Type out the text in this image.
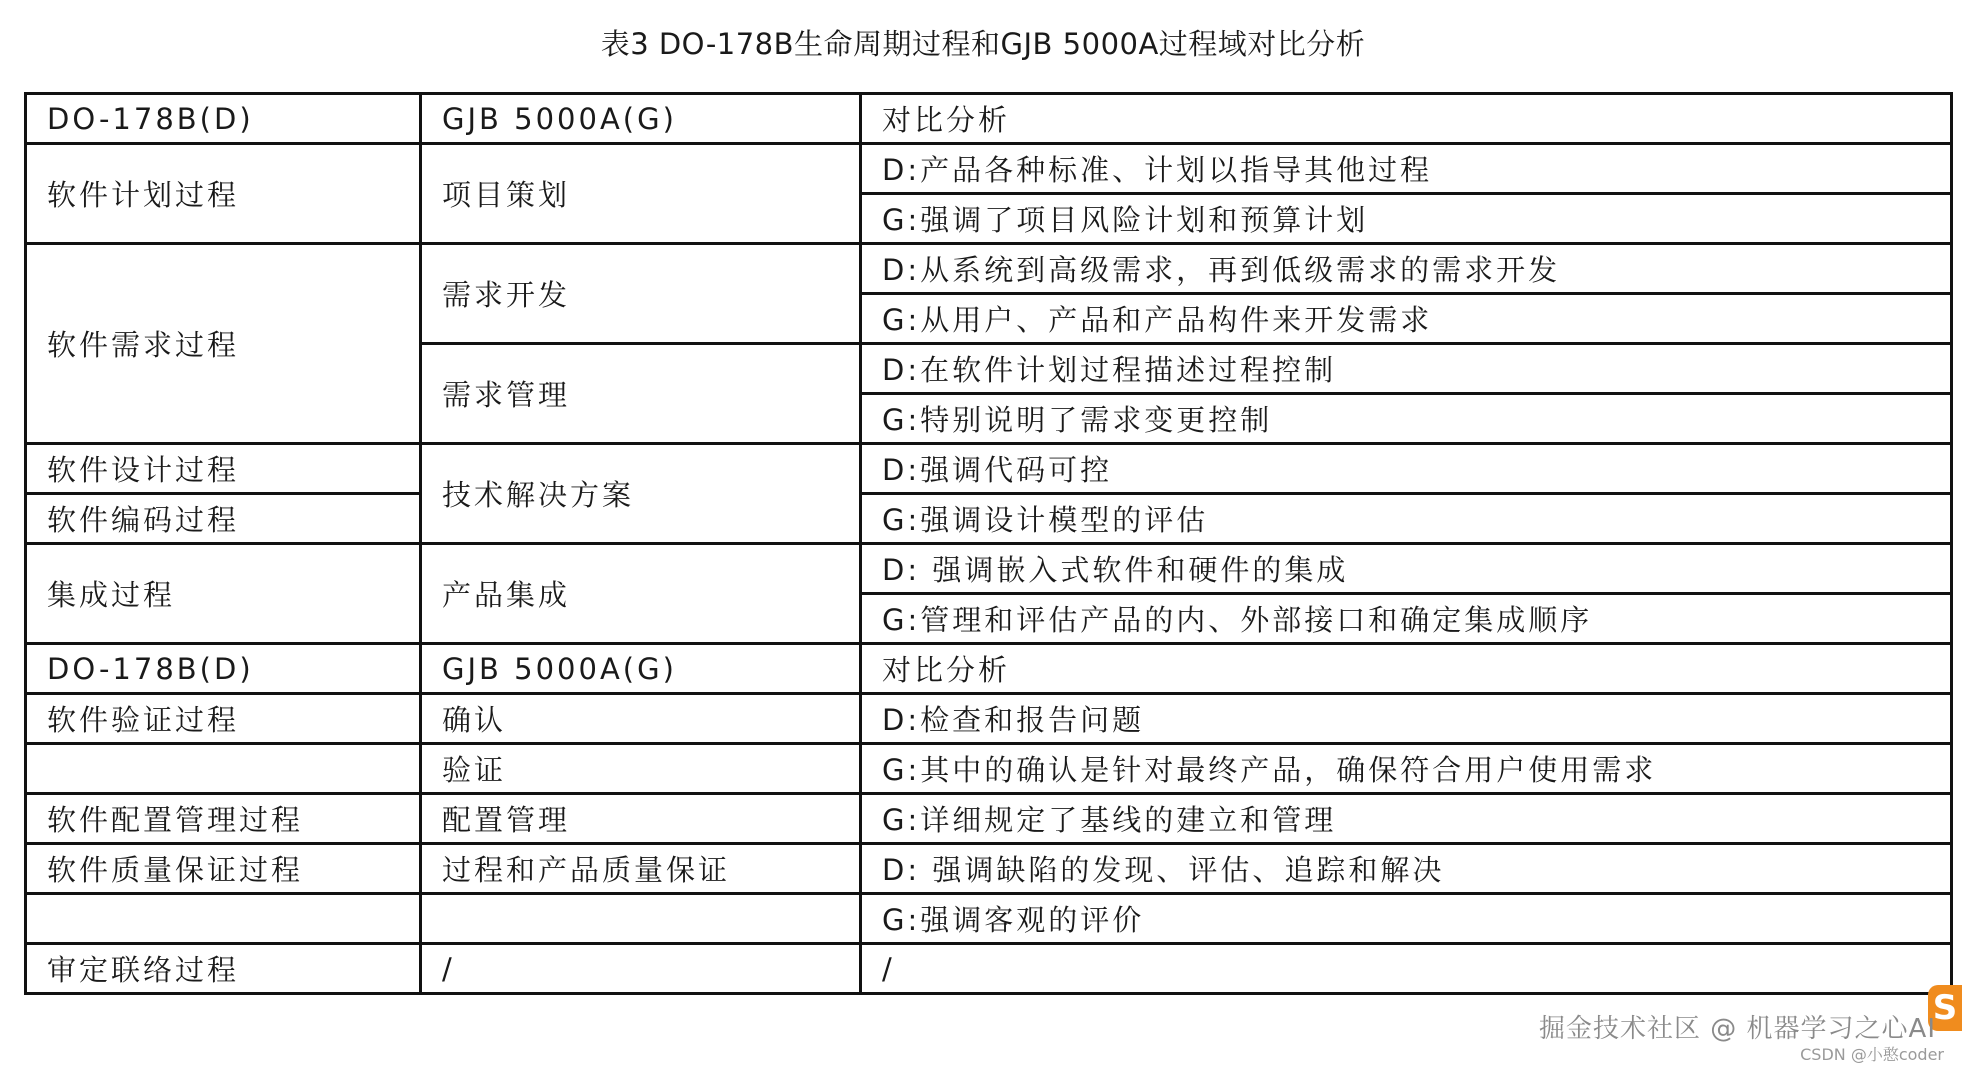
表3 DO-178B生命周期过程和GJB 5000A过程域对比分析
DO-178B(D)	GJB 5000A(G)	对比分析
软件计划过程	项目策划	D:产品各种标准、计划以指导其他过程
		G:强调了项目风险计划和预算计划
软件需求过程	需求开发	D:从系统到高级需求，再到低级需求的需求开发
		G:从用户、产品和产品构件来开发需求
	需求管理	D:在软件计划过程描述过程控制
		G:特别说明了需求变更控制
软件设计过程	技术解决方案	D:强调代码可控
软件编码过程		G:强调设计模型的评估
集成过程	产品集成	D: 强调嵌入式软件和硬件的集成
		G:管理和评估产品的内、外部接口和确定集成顺序
DO-178B(D)	GJB 5000A(G)	对比分析
软件验证过程	确认	D:检查和报告问题
	验证	G:其中的确认是针对最终产品，确保符合用户使用需求
软件配置管理过程	配置管理	G:详细规定了基线的建立和管理
软件质量保证过程	过程和产品质量保证	D: 强调缺陷的发现、评估、追踪和解决
		G:强调客观的评价
审定联络过程	/	/
S
掘金技术社区 @ 机器学习之心AI
CSDN @小憨coder
